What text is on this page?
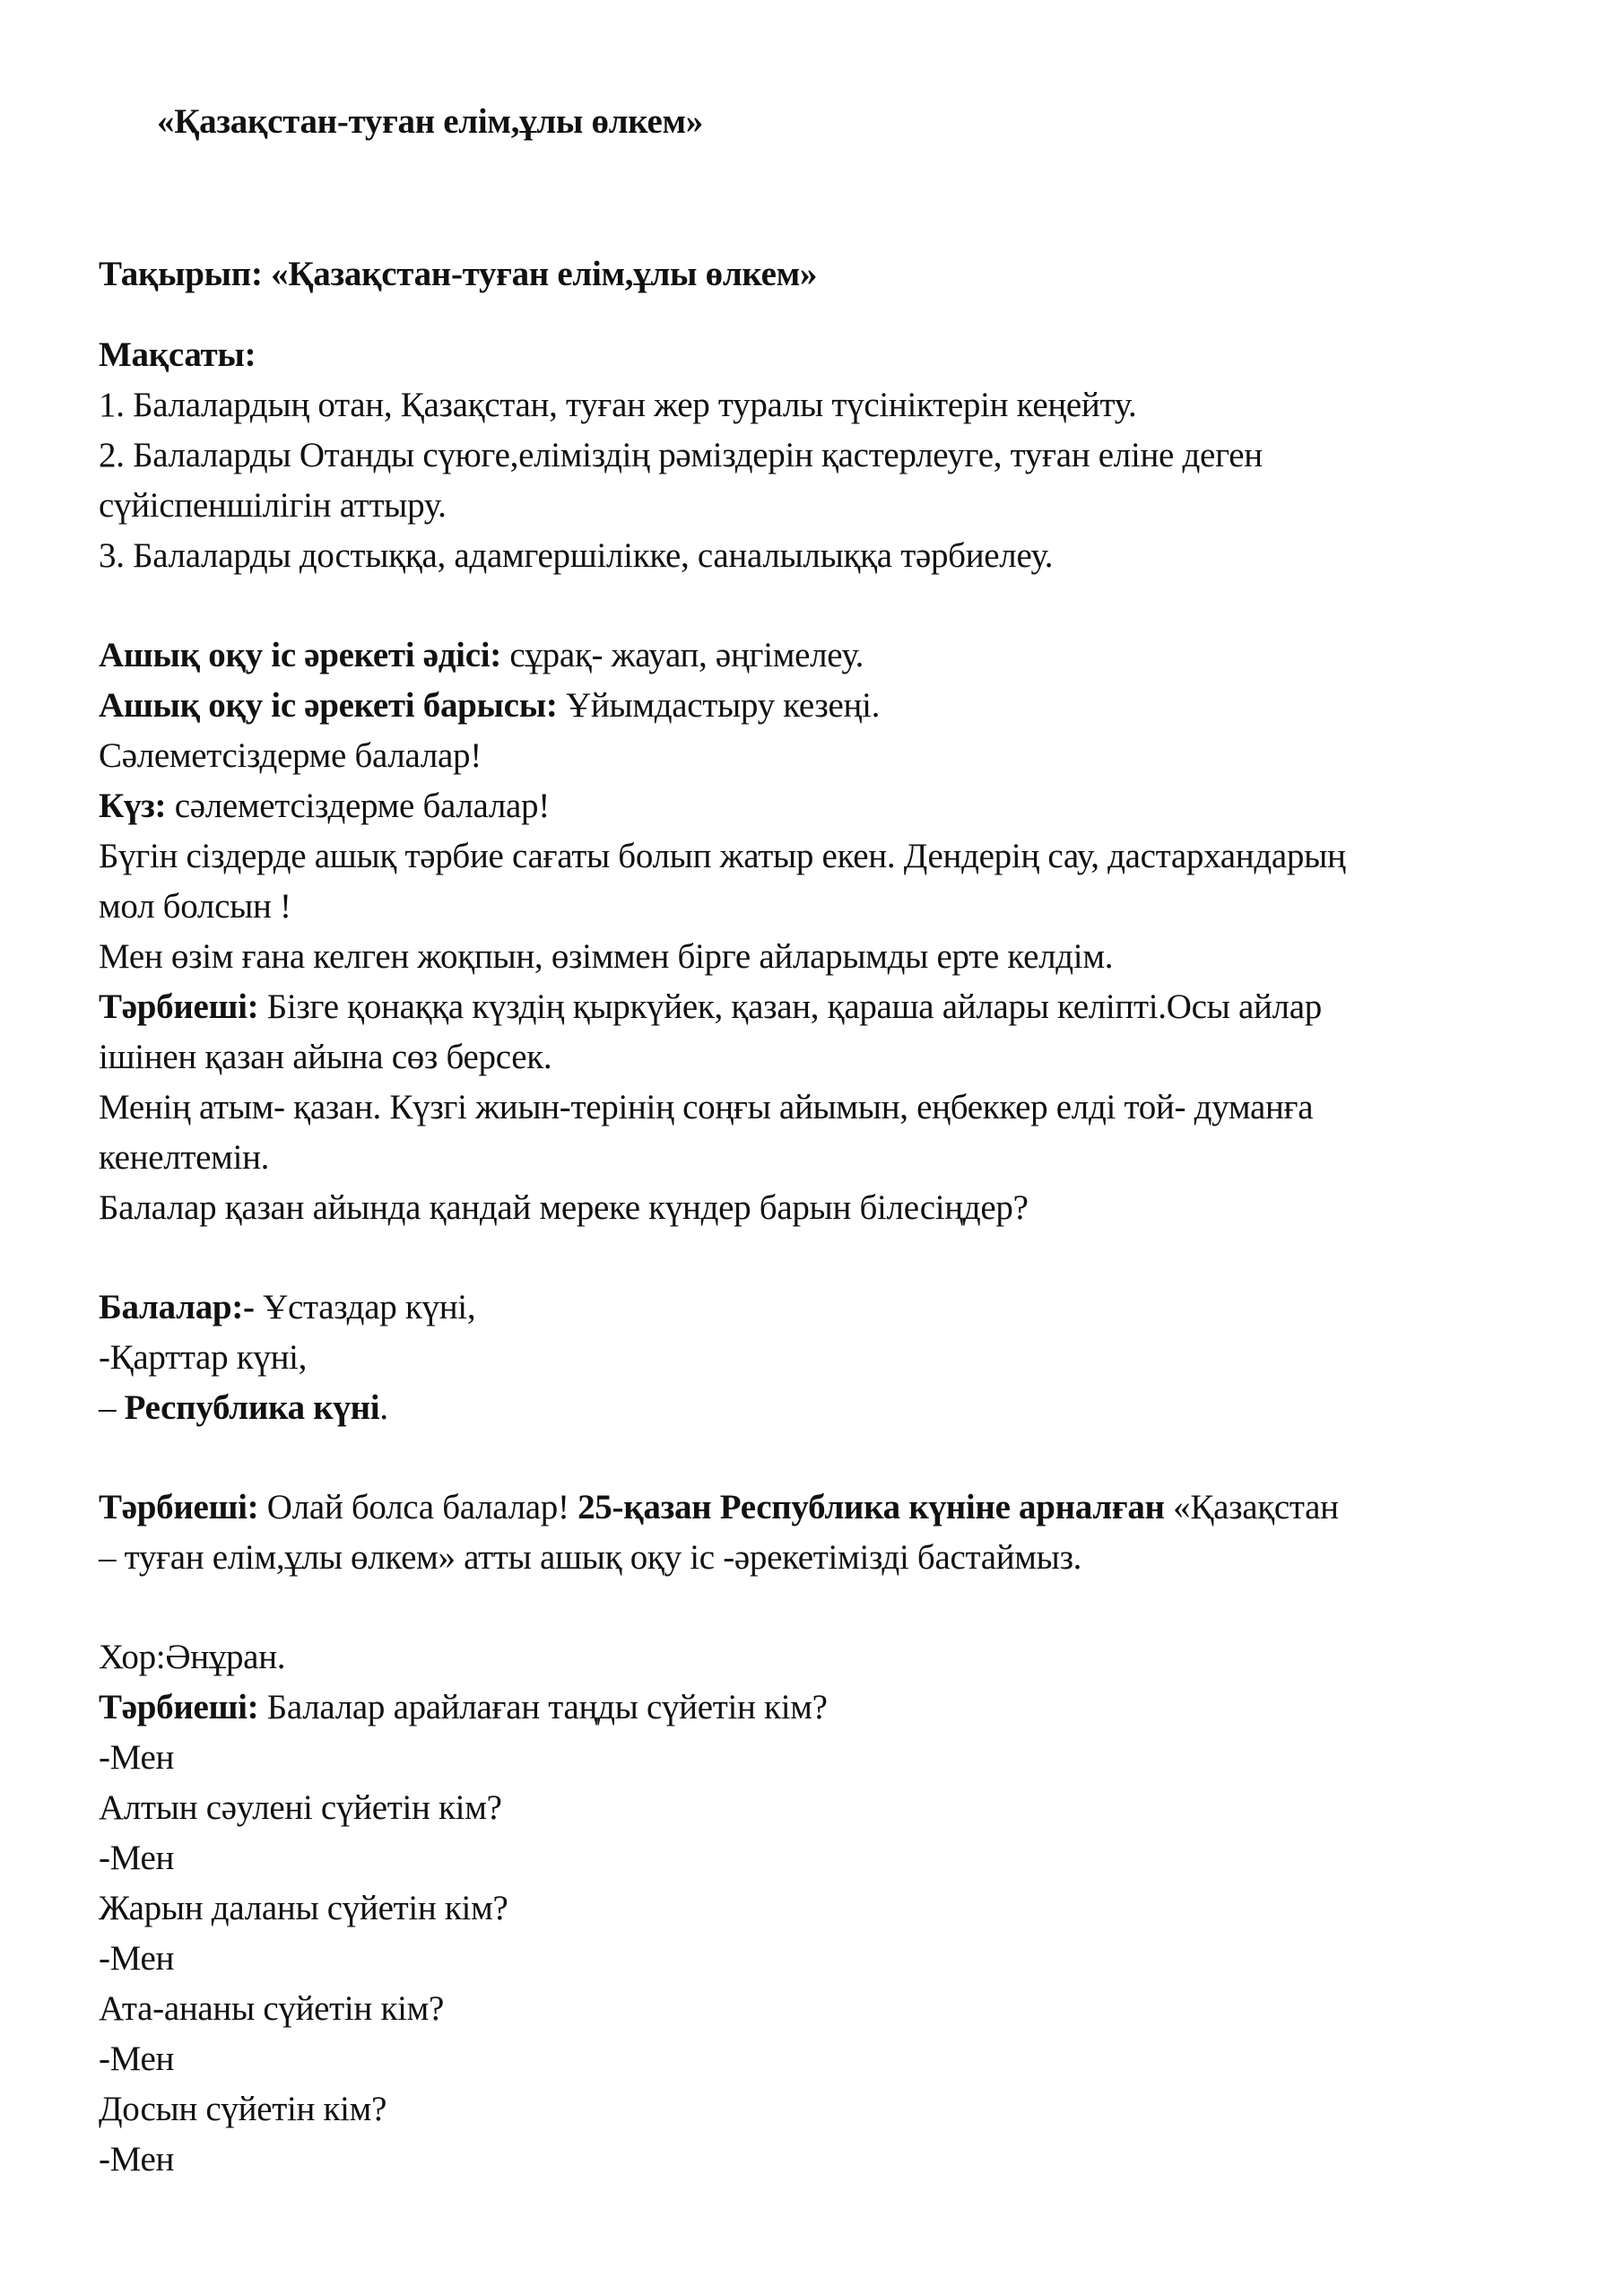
«Қазақстан-туған елім,ұлы өлкем»
Тақырып: «Қазақстан-туған елім,ұлы өлкем»
Мақсаты:
1. Балалардың отан, Қазақстан, туған жер туралы түсініктерін кеңейту.
2. Балаларды Отанды сүюге,еліміздің рәміздерін қастерлеуге, туған еліне деген
сүйіспеншілігін аттыру.
3. Балаларды достыққа, адамгершілікке, саналылыққа тәрбиелеу.
Ашық оқу іс әрекеті әдісі: сұрақ- жауап, әңгімелеу.
Ашық оқу іс әрекеті барысы: Ұйымдастыру кезеңі.
Сәлеметсіздерме балалар!
Күз: сәлеметсіздерме балалар!
Бүгін сіздерде ашық тәрбие сағаты болып жатыр екен. Дендерің сау, дастархандарың
мол болсын !
Мен өзім ғана келген жоқпын, өзіммен бірге айларымды ерте келдім.
Тәрбиеші: Бізге қонаққа күздің қыркүйек, қазан, қараша айлары келіпті.Осы айлар
ішінен қазан айына сөз берсек.
Менің атым- қазан. Күзгі жиын-терінің соңғы айымын, еңбеккер елді той- думанға
кенелтемін.
Балалар қазан айында қандай мереке күндер барын білесіңдер?
Балалар:- Ұстаздар күні,
-Қарттар күні,
– Республика күні.
Тәрбиеші: Олай болса балалар! 25-қазан Республика күніне арналған «Қазақстан
– туған елім,ұлы өлкем» атты ашық оқу іс -әрекетімізді бастаймыз.
Хор:Әнұран.
Тәрбиеші: Балалар арайлаған таңды сүйетін кім?
-Мен
Алтын сәулені сүйетін кім?
-Мен
Жарын даланы сүйетін кім?
-Мен
Ата-ананы сүйетін кім?
-Мен
Досын сүйетін кім?
-Мен
